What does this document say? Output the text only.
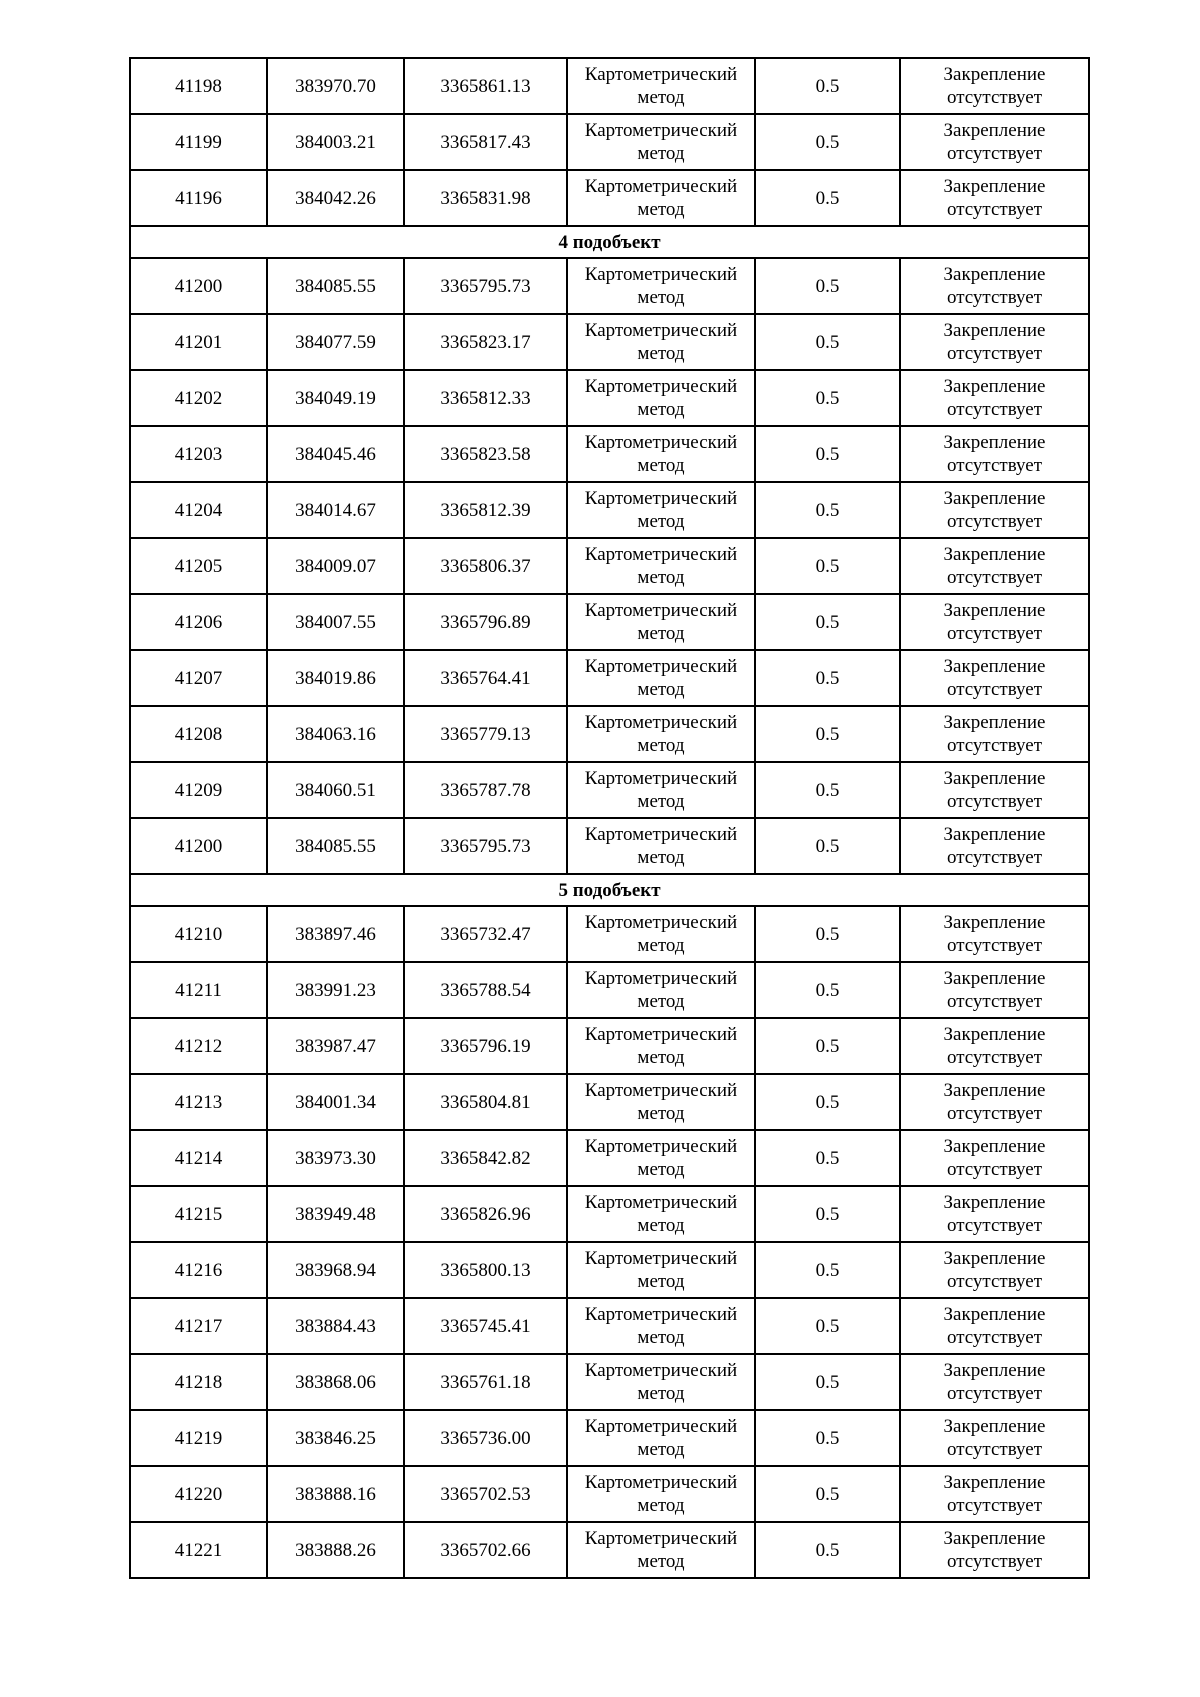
41198	383970.70	3365861.13	Картометрический метод	0.5	Закрепление отсутствует
41199	384003.21	3365817.43	Картометрический метод	0.5	Закрепление отсутствует
41196	384042.26	3365831.98	Картометрический метод	0.5	Закрепление отсутствует
4 подобъект					
41200	384085.55	3365795.73	Картометрический метод	0.5	Закрепление отсутствует
41201	384077.59	3365823.17	Картометрический метод	0.5	Закрепление отсутствует
41202	384049.19	3365812.33	Картометрический метод	0.5	Закрепление отсутствует
41203	384045.46	3365823.58	Картометрический метод	0.5	Закрепление отсутствует
41204	384014.67	3365812.39	Картометрический метод	0.5	Закрепление отсутствует
41205	384009.07	3365806.37	Картометрический метод	0.5	Закрепление отсутствует
41206	384007.55	3365796.89	Картометрический метод	0.5	Закрепление отсутствует
41207	384019.86	3365764.41	Картометрический метод	0.5	Закрепление отсутствует
41208	384063.16	3365779.13	Картометрический метод	0.5	Закрепление отсутствует
41209	384060.51	3365787.78	Картометрический метод	0.5	Закрепление отсутствует
41200	384085.55	3365795.73	Картометрический метод	0.5	Закрепление отсутствует
5 подобъект					
41210	383897.46	3365732.47	Картометрический метод	0.5	Закрепление отсутствует
41211	383991.23	3365788.54	Картометрический метод	0.5	Закрепление отсутствует
41212	383987.47	3365796.19	Картометрический метод	0.5	Закрепление отсутствует
41213	384001.34	3365804.81	Картометрический метод	0.5	Закрепление отсутствует
41214	383973.30	3365842.82	Картометрический метод	0.5	Закрепление отсутствует
41215	383949.48	3365826.96	Картометрический метод	0.5	Закрепление отсутствует
41216	383968.94	3365800.13	Картометрический метод	0.5	Закрепление отсутствует
41217	383884.43	3365745.41	Картометрический метод	0.5	Закрепление отсутствует
41218	383868.06	3365761.18	Картометрический метод	0.5	Закрепление отсутствует
41219	383846.25	3365736.00	Картометрический метод	0.5	Закрепление отсутствует
41220	383888.16	3365702.53	Картометрический метод	0.5	Закрепление отсутствует
41221	383888.26	3365702.66	Картометрический метод	0.5	Закрепление отсутствует
